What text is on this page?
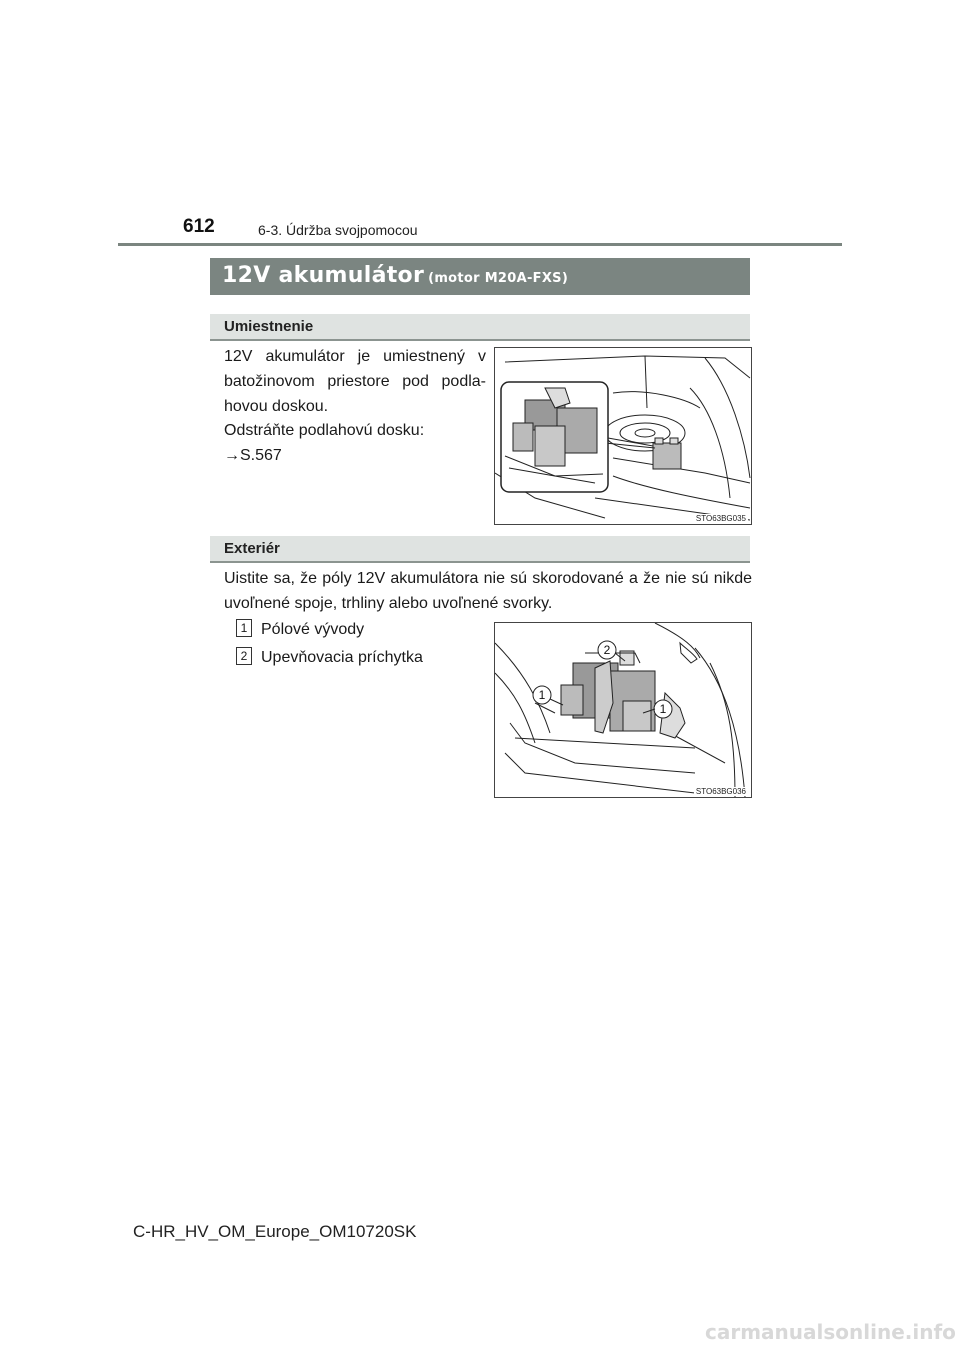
612	6-3. Údržba svojpomocou
12V akumulátor (motor M20A-FXS)
Umiestnenie
12V akumulátor je umiestnený v batožinovom priestore pod podla-hovou doskou.
Odstráňte podlahovú dosku:
→S.567
STO63BG035
Exteriér
Uistite sa, že póly 12V akumulátora nie sú skorodované a že nie sú nikde uvoľnené spoje, trhliny alebo uvoľnené svorky.
1 Pólové vývody
2 Upevňovacia príchytka	2
1
1
STO63BG036
C-HR_HV_OM_Europe_OM10720SK
carmanualsonline.info
